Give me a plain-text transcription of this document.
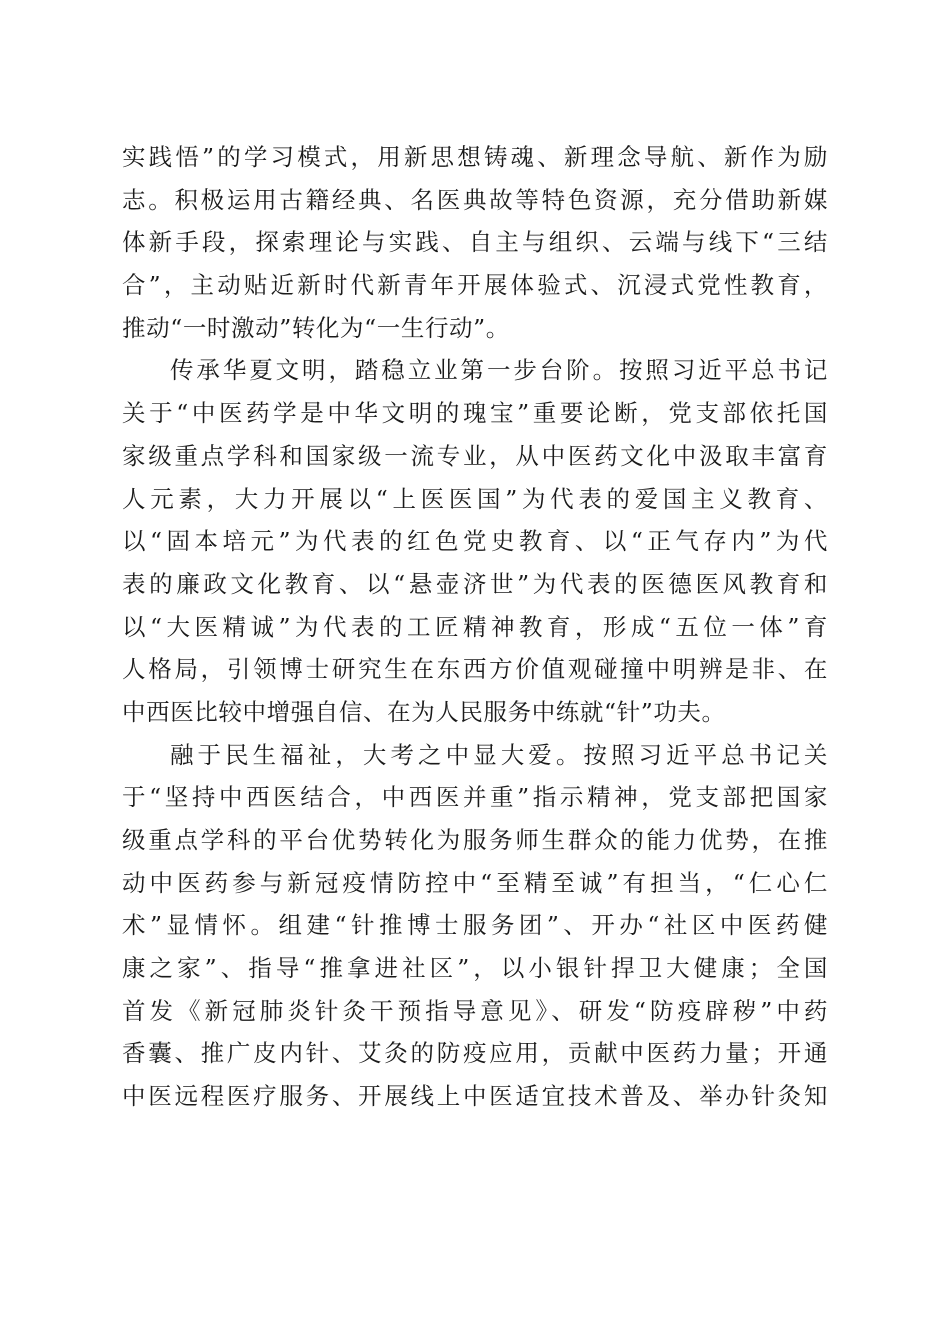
实践悟”的学习模式，用新思想铸魂、新理念导航、新作为励
志。积极运用古籍经典、名医典故等特色资源，充分借助新媒
体新手段，探索理论与实践、自主与组织、云端与线下“三结
合”，主动贴近新时代新青年开展体验式、沉浸式党性教育，
推动“一时激动”转化为“一生行动”。
传承华夏文明，踏稳立业第一步台阶。按照习近平总书记
关于“中医药学是中华文明的瑰宝”重要论断，党支部依托国
家级重点学科和国家级一流专业，从中医药文化中汲取丰富育
人元素，大力开展以“上医医国”为代表的爱国主义教育、
以“固本培元”为代表的红色党史教育、以“正气存内”为代
表的廉政文化教育、以“悬壶济世”为代表的医德医风教育和
以“大医精诚”为代表的工匠精神教育，形成“五位一体”育
人格局，引领博士研究生在东西方价值观碰撞中明辨是非、在
中西医比较中增强自信、在为人民服务中练就“针”功夫。
融于民生福祉，大考之中显大爱。按照习近平总书记关
于“坚持中西医结合，中西医并重”指示精神，党支部把国家
级重点学科的平台优势转化为服务师生群众的能力优势，在推
动中医药参与新冠疫情防控中“至精至诚”有担当，“仁心仁
术”显情怀。组建“针推博士服务团”、开办“社区中医药健
康之家”、指导“推拿进社区”，以小银针捍卫大健康；全国
首发《新冠肺炎针灸干预指导意见》、研发“防疫辟秽”中药
香囊、推广皮内针、艾灸的防疫应用，贡献中医药力量；开通
中医远程医疗服务、开展线上中医适宜技术普及、举办针灸知
